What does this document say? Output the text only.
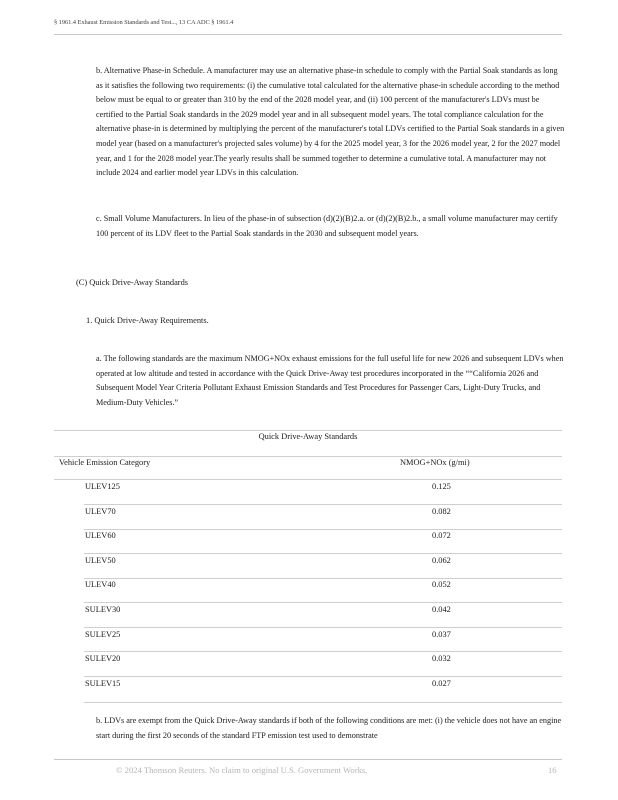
§ 1961.4 Exhaust Emission Standards and Test..., 13 CA ADC § 1961.4

b. Alternative Phase-in Schedule. A manufacturer may use an alternative phase-in schedule to comply with the Partial Soak standards as long as it satisfies the following two requirements: (i) the cumulative total calculated for the alternative phase-in schedule according to the method below must be equal to or greater than 310 by the end of the 2028 model year, and (ii) 100 percent of the manufacturer's LDVs must be certified to the Partial Soak standards in the 2029 model year and in all subsequent model years. The total compliance calculation for the alternative phase-in is determined by multiplying the percent of the manufacturer's total LDVs certified to the Partial Soak standards in a given model year (based on a manufacturer's projected sales volume) by 4 for the 2025 model year, 3 for the 2026 model year, 2 for the 2027 model year, and 1 for the 2028 model year.The yearly results shall be summed together to determine a cumulative total. A manufacturer may not include 2024 and earlier model year LDVs in this calculation.

c. Small Volume Manufacturers. In lieu of the phase-in of subsection (d)(2)(B)2.a. or (d)(2)(B)2.b., a small volume manufacturer may certify 100 percent of its LDV fleet to the Partial Soak standards in the 2030 and subsequent model years.

(C) Quick Drive-Away Standards

1. Quick Drive-Away Requirements.

a. The following standards are the maximum NMOG+NOx exhaust emissions for the full useful life for new 2026 and subsequent LDVs when operated at low altitude and tested in accordance with the Quick Drive-Away test procedures incorporated in the ““California 2026 and Subsequent Model Year Criteria Pollutant Exhaust Emission Standards and Test Procedures for Passenger Cars, Light-Duty Trucks, and Medium-Duty Vehicles.”

Quick Drive-Away Standards
Vehicle Emission Category	NMOG+NOx (g/mi)
ULEV125	0.125
ULEV70	0.082
ULEV60	0.072
ULEV50	0.062
ULEV40	0.052
SULEV30	0.042
SULEV25	0.037
SULEV20	0.032
SULEV15	0.027

b. LDVs are exempt from the Quick Drive-Away standards if both of the following conditions are met: (i) the vehicle does not have an engine start during the first 20 seconds of the standard FTP emission test used to demonstrate

© 2024 Thomson Reuters. No claim to original U.S. Government Works.	16
